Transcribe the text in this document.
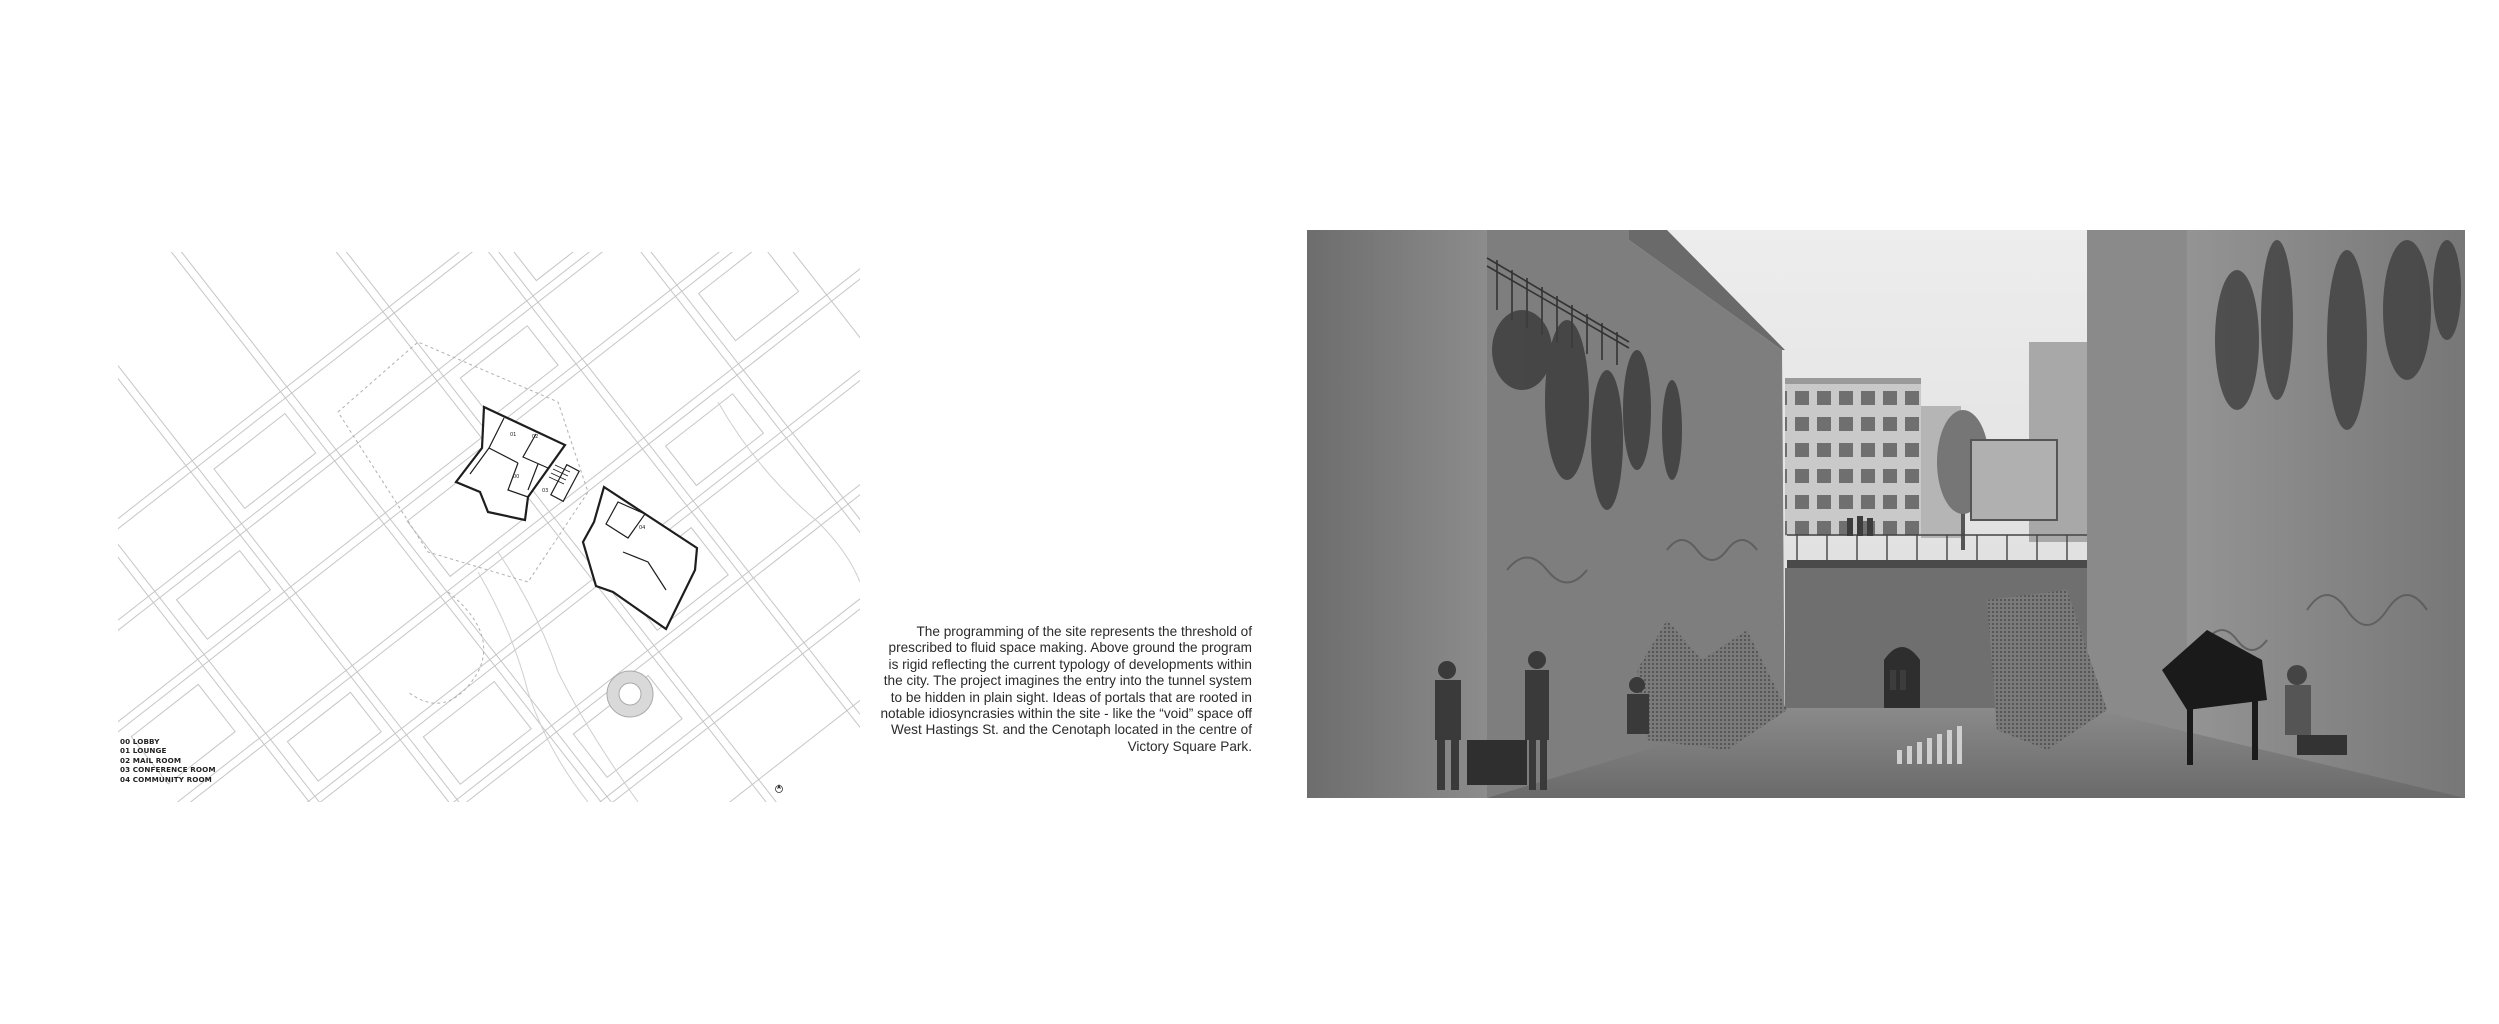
01	02
00
03
04
00 LOBBY
01 LOUNGE
02 MAIL ROOM
03 CONFERENCE ROOM
04 COMMUNITY ROOM
The programming of the site represents the threshold of prescribed to fluid space making. Above ground the program is rigid reflecting the current typology of developments within the city. The project imagines the entry into the tunnel system to be hidden in plain sight. Ideas of portals that are rooted in notable idiosyncrasies within the site - like the “void” space off West Hastings St. and the Cenotaph located in the centre of Victory Square Park.
